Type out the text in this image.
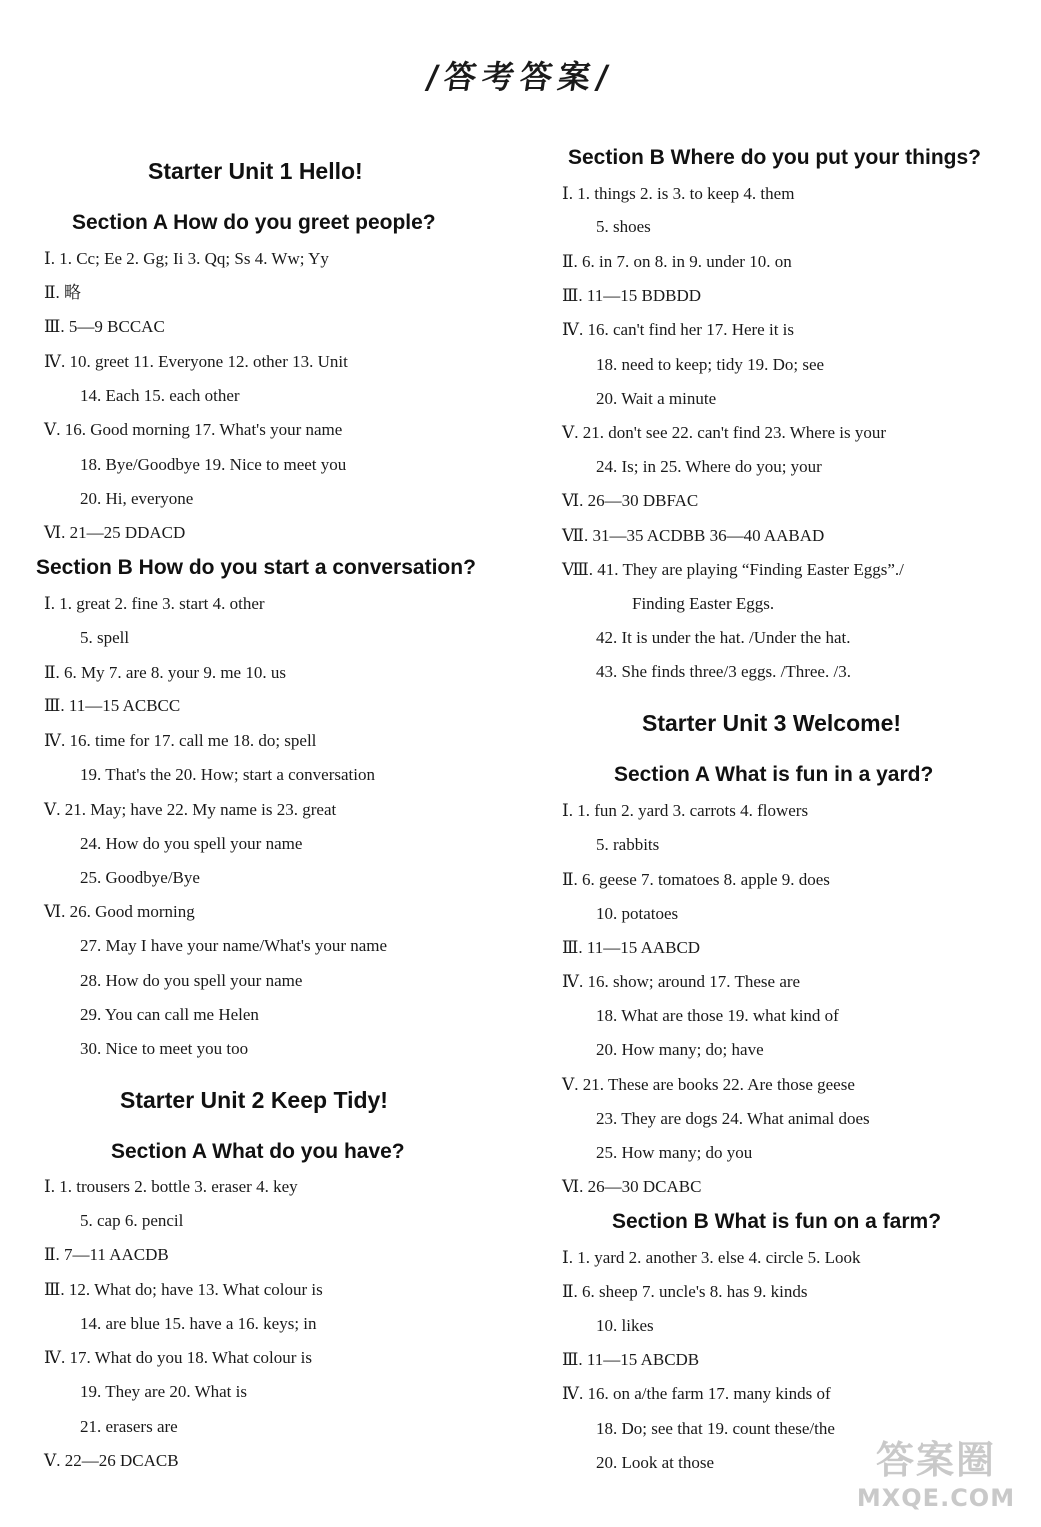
/答考答案/
Starter Unit 1 Hello!
Section A How do you greet people?
Ⅰ. 1. Cc; Ee 2. Gg; Ii 3. Qq; Ss 4. Ww; Yy
Ⅱ. 略
Ⅲ. 5—9 BCCAC
Ⅳ. 10. greet 11. Everyone 12. other 13. Unit
14. Each 15. each other
Ⅴ. 16. Good morning 17. What's your name
18. Bye/Goodbye 19. Nice to meet you
20. Hi, everyone
Ⅵ. 21—25 DDACD
Section B How do you start a conversation?
Ⅰ. 1. great 2. fine 3. start 4. other
5. spell
Ⅱ. 6. My 7. are 8. your 9. me 10. us
Ⅲ. 11—15 ACBCC
Ⅳ. 16. time for 17. call me 18. do; spell
19. That's the 20. How; start a conversation
Ⅴ. 21. May; have 22. My name is 23. great
24. How do you spell your name
25. Goodbye/Bye
Ⅵ. 26. Good morning
27. May I have your name/What's your name
28. How do you spell your name
29. You can call me Helen
30. Nice to meet you too
Starter Unit 2 Keep Tidy!
Section A What do you have?
Ⅰ. 1. trousers 2. bottle 3. eraser 4. key
5. cap 6. pencil
Ⅱ. 7—11 AACDB
Ⅲ. 12. What do; have 13. What colour is
14. are blue 15. have a 16. keys; in
Ⅳ. 17. What do you 18. What colour is
19. They are 20. What is
21. erasers are
Ⅴ. 22—26 DCACB
Section B Where do you put your things?
Ⅰ. 1. things 2. is 3. to keep 4. them
5. shoes
Ⅱ. 6. in 7. on 8. in 9. under 10. on
Ⅲ. 11—15 BDBDD
Ⅳ. 16. can't find her 17. Here it is
18. need to keep; tidy 19. Do; see
20. Wait a minute
Ⅴ. 21. don't see 22. can't find 23. Where is your
24. Is; in 25. Where do you; your
Ⅵ. 26—30 DBFAC
Ⅶ. 31—35 ACDBB 36—40 AABAD
Ⅷ. 41. They are playing “Finding Easter Eggs”./
Finding Easter Eggs.
42. It is under the hat. /Under the hat.
43. She finds three/3 eggs. /Three. /3.
Starter Unit 3 Welcome!
Section A What is fun in a yard?
Ⅰ. 1. fun 2. yard 3. carrots 4. flowers
5. rabbits
Ⅱ. 6. geese 7. tomatoes 8. apple 9. does
10. potatoes
Ⅲ. 11—15 AABCD
Ⅳ. 16. show; around 17. These are
18. What are those 19. what kind of
20. How many; do; have
Ⅴ. 21. These are books 22. Are those geese
23. They are dogs 24. What animal does
25. How many; do you
Ⅵ. 26—30 DCABC
Section B What is fun on a farm?
Ⅰ. 1. yard 2. another 3. else 4. circle 5. Look
Ⅱ. 6. sheep 7. uncle's 8. has 9. kinds
10. likes
Ⅲ. 11—15 ABCDB
Ⅳ. 16. on a/the farm 17. many kinds of
18. Do; see that 19. count these/the
20. Look at those	答案圈
MXQE.COM
